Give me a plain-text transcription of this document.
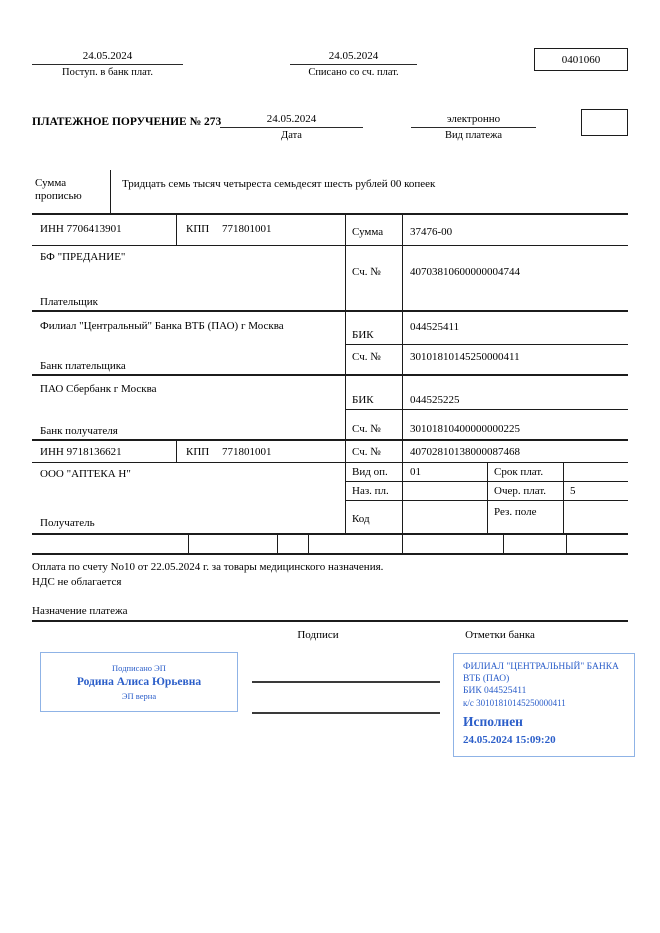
24.05.2024
Поступ. в банк плат.
24.05.2024
Списано со сч. плат.
0401060
ПЛАТЕЖНОЕ ПОРУЧЕНИЕ № 273	24.05.2024
Дата
электронно
Вид платежа
Сумма прописью
Тридцать семь тысяч четыреста семьдесят шесть рублей 00 копеек
ИНН 7706413901	КПП 771801001	Сумма 37476-00
БФ "ПРЕДАНИЕ"
Сч. №	40703810600000004744
Плательщик
Филиал "Центральный" Банка ВТБ (ПАО) г Москва
БИК
044525411
Сч. №	30101810145250000411
Банк плательщика
ПАО Сбербанк г Москва
БИК	044525225
Сч. №	30101810400000000225
Банк получателя
ИНН 9718136621	КПП 771801001	Сч. №	40702810138000087468
ООО "АПТЕКА Н"
Получатель
Вид оп. 01	Срок плат.
Наз. пл.	Очер. плат. 5
Код
Рез. поле
Оплата по счету No10 от 22.05.2024 г. за товары медицинского назначения.
НДС не облагается
Назначение платежа
Подписи	Отметки банка
Подписано ЭП
Родина Алиса Юрьевна
ЭП верна
ФИЛИАЛ "ЦЕНТРАЛЬНЫЙ" БАНКА
ВТБ (ПАО)
БИК 044525411
к/с 30101810145250000411
Исполнен
24.05.2024 15:09:20
